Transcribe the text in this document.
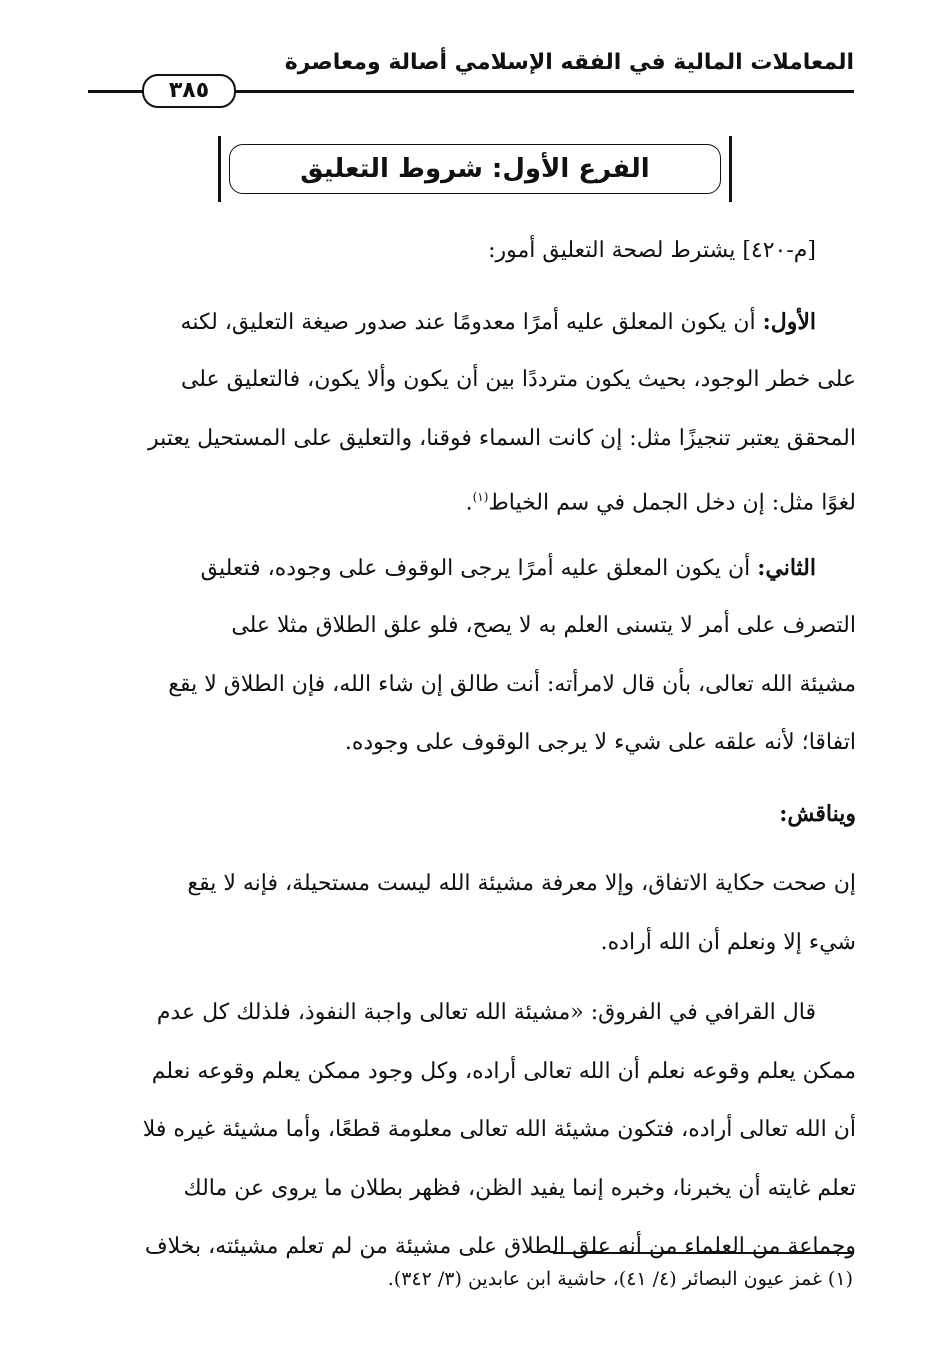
المعاملات المالية في الفقه الإسلامي أصالة ومعاصرة
٣٨٥
الفرع الأول: شروط التعليق

[م-٤٢٠] يشترط لصحة التعليق أمور:

الأول: أن يكون المعلق عليه أمرًا معدومًا عند صدور صيغة التعليق، لكنه
على خطر الوجود، بحيث يكون مترددًا بين أن يكون وألا يكون، فالتعليق على
المحقق يعتبر تنجيزًا مثل: إن كانت السماء فوقنا، والتعليق على المستحيل يعتبر
لغوًا مثل: إن دخل الجمل في سم الخياط$^{(١)}$.

الثاني: أن يكون المعلق عليه أمرًا يرجى الوقوف على وجوده، فتعليق
التصرف على أمر لا يتسنى العلم به لا يصح، فلو علق الطلاق مثلا على
مشيئة الله تعالى، بأن قال لامرأته: أنت طالق إن شاء الله، فإن الطلاق لا يقع
اتفاقا؛ لأنه علقه على شيء لا يرجى الوقوف على وجوده.

ويناقش:

إن صحت حكاية الاتفاق، وإلا معرفة مشيئة الله ليست مستحيلة، فإنه لا يقع
شيء إلا ونعلم أن الله أراده.

قال القرافي في الفروق: «مشيئة الله تعالى واجبة النفوذ، فلذلك كل عدم
ممكن يعلم وقوعه نعلم أن الله تعالى أراده، وكل وجود ممكن يعلم وقوعه نعلم
أن الله تعالى أراده، فتكون مشيئة الله تعالى معلومة قطعًا، وأما مشيئة غيره فلا
تعلم غايته أن يخبرنا، وخبره إنما يفيد الظن، فظهر بطلان ما يروى عن مالك
وجماعة من العلماء من أنه علق الطلاق على مشيئة من لم تعلم مشيئته، بخلاف

(١) غمز عيون البصائر (٤/ ٤١)، حاشية ابن عابدين (٣/ ٣٤٢).
